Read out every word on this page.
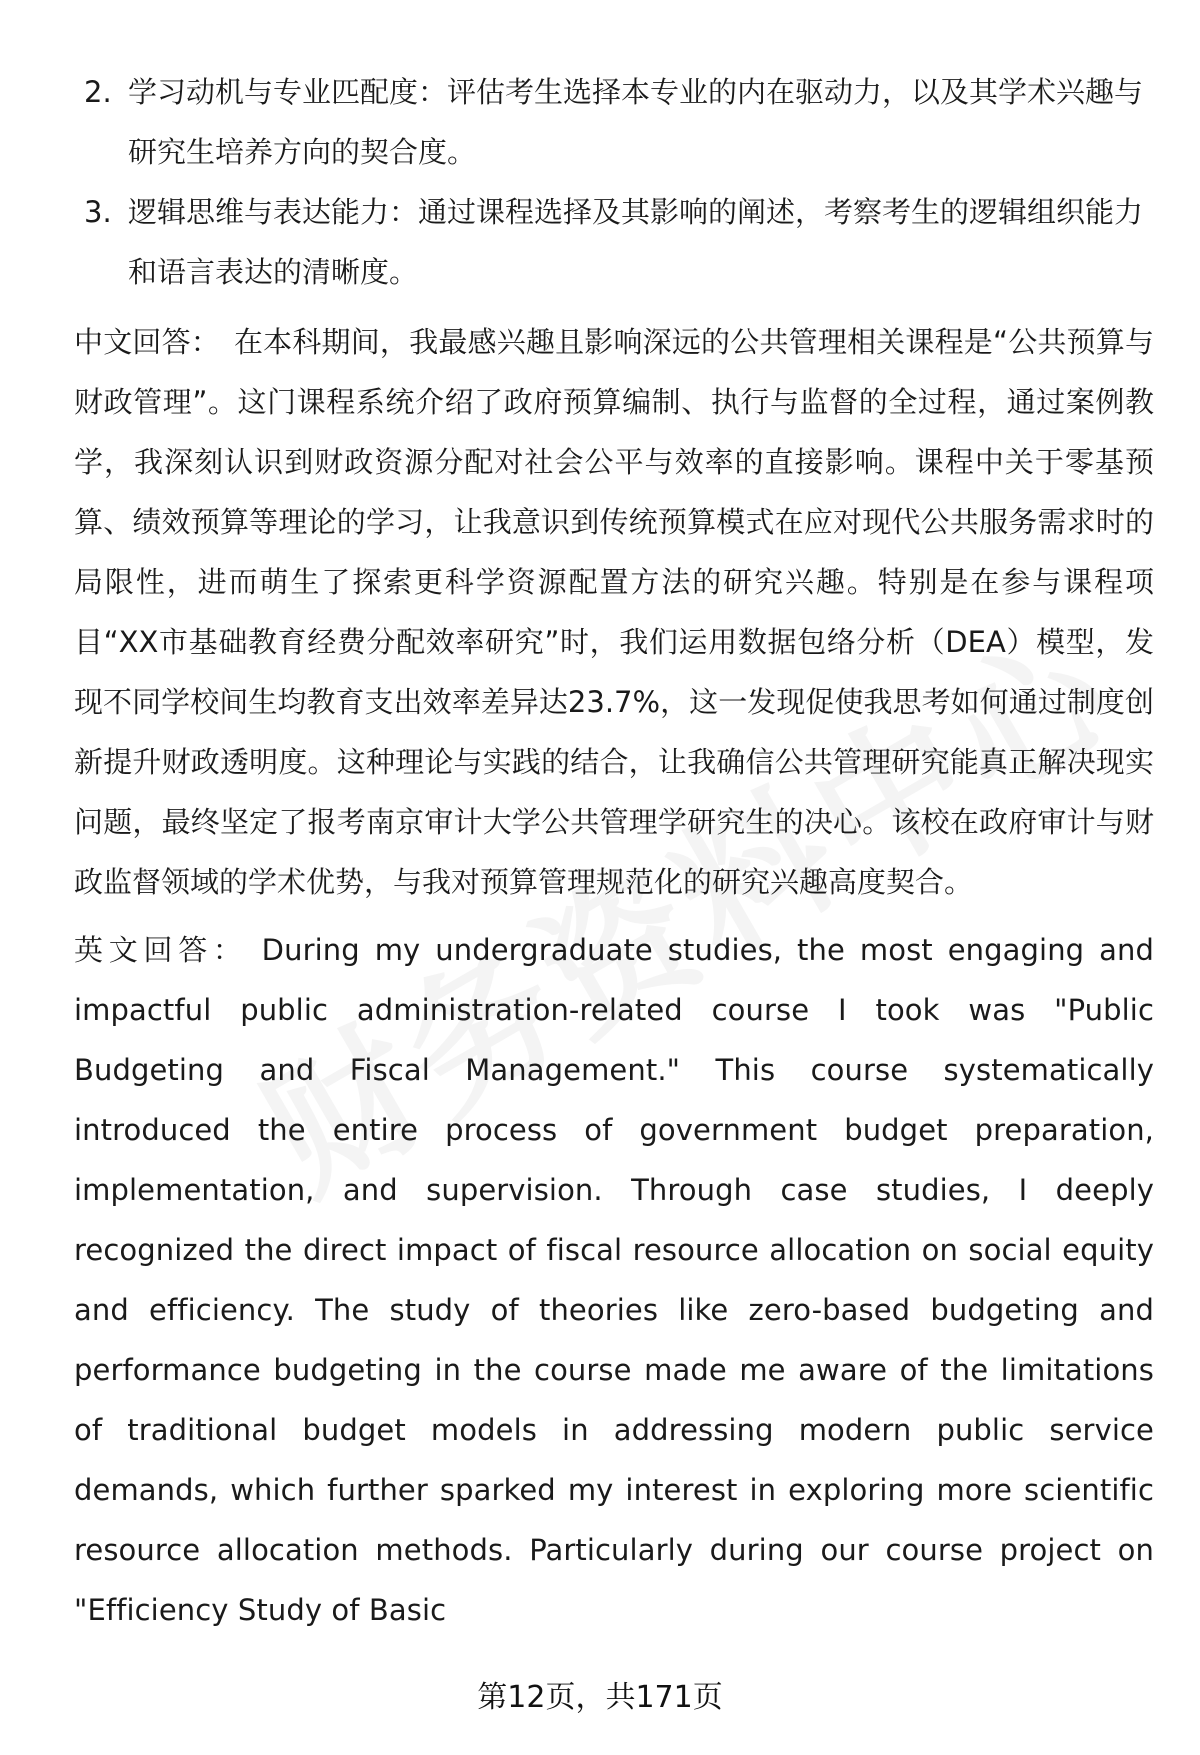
2. 学习动机与专业匹配度：评估考生选择本专业的内在驱动力，以及其学术兴趣与研究生培养方向的契合度。
3. 逻辑思维与表达能力：通过课程选择及其影响的阐述，考察考生的逻辑组织能力和语言表达的清晰度。

中文回答： 在本科期间，我最感兴趣且影响深远的公共管理相关课程是“公共预算与财政管理”。这门课程系统介绍了政府预算编制、执行与监督的全过程，通过案例教学，我深刻认识到财政资源分配对社会公平与效率的直接影响。课程中关于零基预算、绩效预算等理论的学习，让我意识到传统预算模式在应对现代公共服务需求时的局限性，进而萌生了探索更科学资源配置方法的研究兴趣。特别是在参与课程项目“XX市基础教育经费分配效率研究”时，我们运用数据包络分析（DEA）模型，发现不同学校间生均教育支出效率差异达23.7%，这一发现促使我思考如何通过制度创新提升财政透明度。这种理论与实践的结合，让我确信公共管理研究能真正解决现实问题，最终坚定了报考南京审计大学公共管理学研究生的决心。该校在政府审计与财政监督领域的学术优势，与我对预算管理规范化的研究兴趣高度契合。

英文回答： During my undergraduate studies, the most engaging and impactful public administration-related course I took was "Public Budgeting and Fiscal Management." This course systematically introduced the entire process of government budget preparation, implementation, and supervision. Through case studies, I deeply recognized the direct impact of fiscal resource allocation on social equity and efficiency. The study of theories like zero-based budgeting and performance budgeting in the course made me aware of the limitations of traditional budget models in addressing modern public service demands, which further sparked my interest in exploring more scientific resource allocation methods. Particularly during our course project on "Efficiency Study of Basic

第12页，共171页
